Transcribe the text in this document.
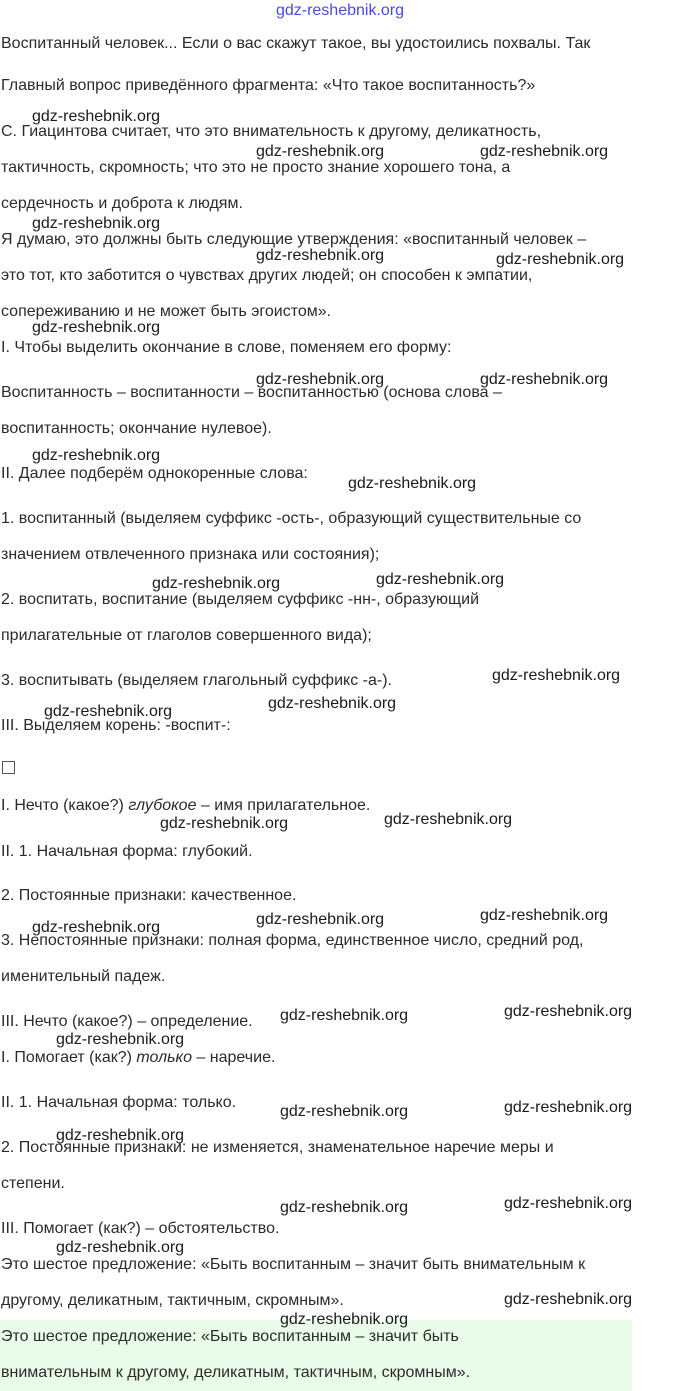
gdz-reshebnik.org
Воспитанный человек... Если о вас скажут такое, вы удостоились похвалы. Так
Главный вопрос приведённого фрагмента: «Что такое воспитанность?»
С. Гиацинтова считает, что это внимательность к другому, деликатность,
тактичность, скромность; что это не просто знание хорошего тона, а
сердечность и доброта к людям.
Я думаю, это должны быть следующие утверждения: «воспитанный человек –
это тот, кто заботится о чувствах других людей; он способен к эмпатии,
сопереживанию и не может быть эгоистом».
I. Чтобы выделить окончание в слове, поменяем его форму:
Воспитанность – воспитанности – воспитанностью (основа слова –
воспитанность; окончание нулевое).
II. Далее подберём однокоренные слова:
1. воспитанный (выделяем суффикс -ость-, образующий существительные со
значением отвлеченного признака или состояния);
2. воспитать, воспитание (выделяем суффикс -нн-, образующий
прилагательные от глаголов совершенного вида);
3. воспитывать (выделяем глагольный суффикс -а-).
III. Выделяем корень: -воспит-:
I. Нечто (какое?) глубокое – имя прилагательное.
II. 1. Начальная форма: глубокий.
2. Постоянные признаки: качественное.
3. Непостоянные признаки: полная форма, единственное число, средний род,
именительный падеж.
III. Нечто (какое?) – определение.
I. Помогает (как?) только – наречие.
II. 1. Начальная форма: только.
2. Постоянные признаки: не изменяется, знаменательное наречие меры и
степени.
III. Помогает (как?) – обстоятельство.
Это шестое предложение: «Быть воспитанным – значит быть внимательным к
другому, деликатным, тактичным, скромным».
Это шестое предложение: «Быть воспитанным – значит быть
внимательным к другому, деликатным, тактичным, скромным».
gdz-reshebnik.org
gdz-reshebnik.org	gdz-reshebnik.org
gdz-reshebnik.org
gdz-reshebnik.org	gdz-reshebnik.org
gdz-reshebnik.org
gdz-reshebnik.org	gdz-reshebnik.org
gdz-reshebnik.org
gdz-reshebnik.org
gdz-reshebnik.org	gdz-reshebnik.org
gdz-reshebnik.org
gdz-reshebnik.org
gdz-reshebnik.org
gdz-reshebnik.org	gdz-reshebnik.org
gdz-reshebnik.org	gdz-reshebnik.org	gdz-reshebnik.org
gdz-reshebnik.org	gdz-reshebnik.org
gdz-reshebnik.org
gdz-reshebnik.org	gdz-reshebnik.org
gdz-reshebnik.org
gdz-reshebnik.org	gdz-reshebnik.org
gdz-reshebnik.org
gdz-reshebnik.org
gdz-reshebnik.org
